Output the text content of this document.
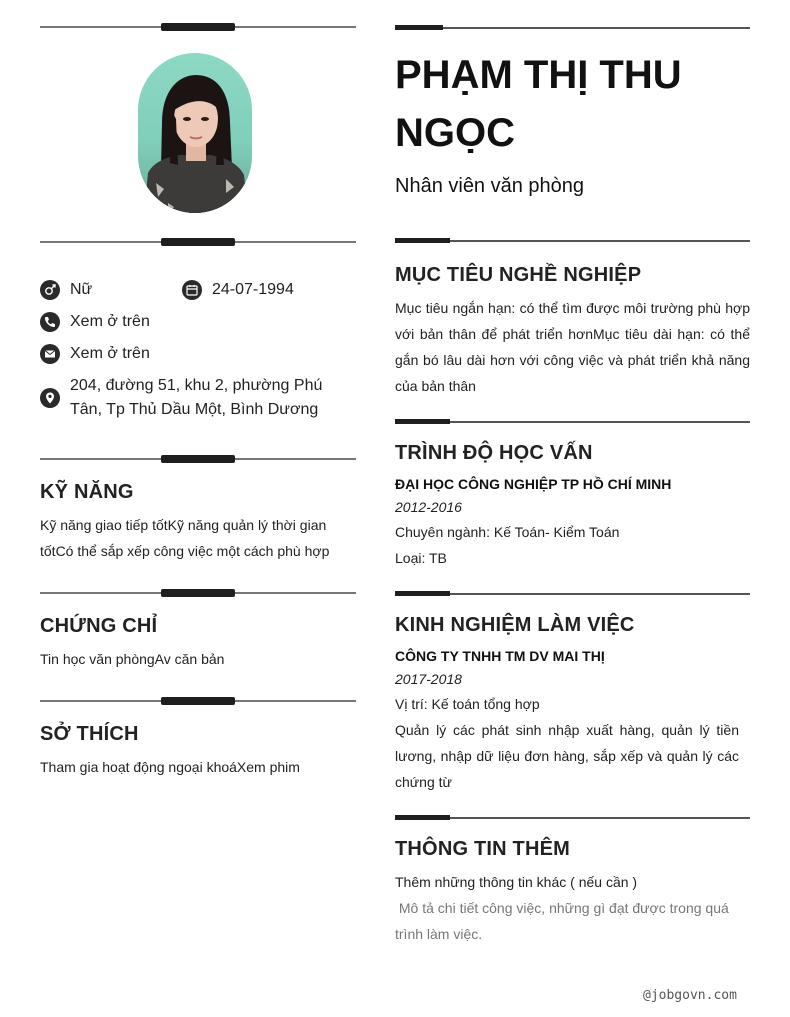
Nữ	24-07-1994
Xem ở trên
Xem ở trên
204, đường 51, khu 2, phường Phú Tân, Tp Thủ Dầu Một, Bình Dương
KỸ NĂNG
Kỹ năng giao tiếp tốtKỹ năng quản lý thời gian tốtCó thể sắp xếp công việc một cách phù hợp
CHỨNG CHỈ
Tin học văn phòngAv căn bản
SỞ THÍCH
Tham gia hoạt động ngoại khoáXem phim
PHẠM THỊ THU NGỌC
Nhân viên văn phòng
MỤC TIÊU NGHỀ NGHIỆP
Mục tiêu ngắn hạn: có thể tìm được môi trường phù hợp với bản thân để phát triển hơnMục tiêu dài hạn: có thể gắn bó lâu dài hơn với công việc và phát triển khả năng của bản thân
TRÌNH ĐỘ HỌC VẤN
ĐẠI HỌC CÔNG NGHIỆP TP HỒ CHÍ MINH
2012-2016
Chuyên ngành: Kế Toán- Kiểm Toán
Loại: TB
KINH NGHIỆM LÀM VIỆC
CÔNG TY TNHH TM DV MAI THỊ
2017-2018
Vị trí: Kế toán tổng hợp
Quản lý các phát sinh nhập xuất hàng, quản lý tiền lương, nhập dữ liệu đơn hàng, sắp xếp và quản lý các chứng từ
THÔNG TIN THÊM
Thêm những thông tin khác ( nếu cần )
Mô tả chi tiết công việc, những gì đạt được trong quá trình làm việc.
@jobgovn.com
